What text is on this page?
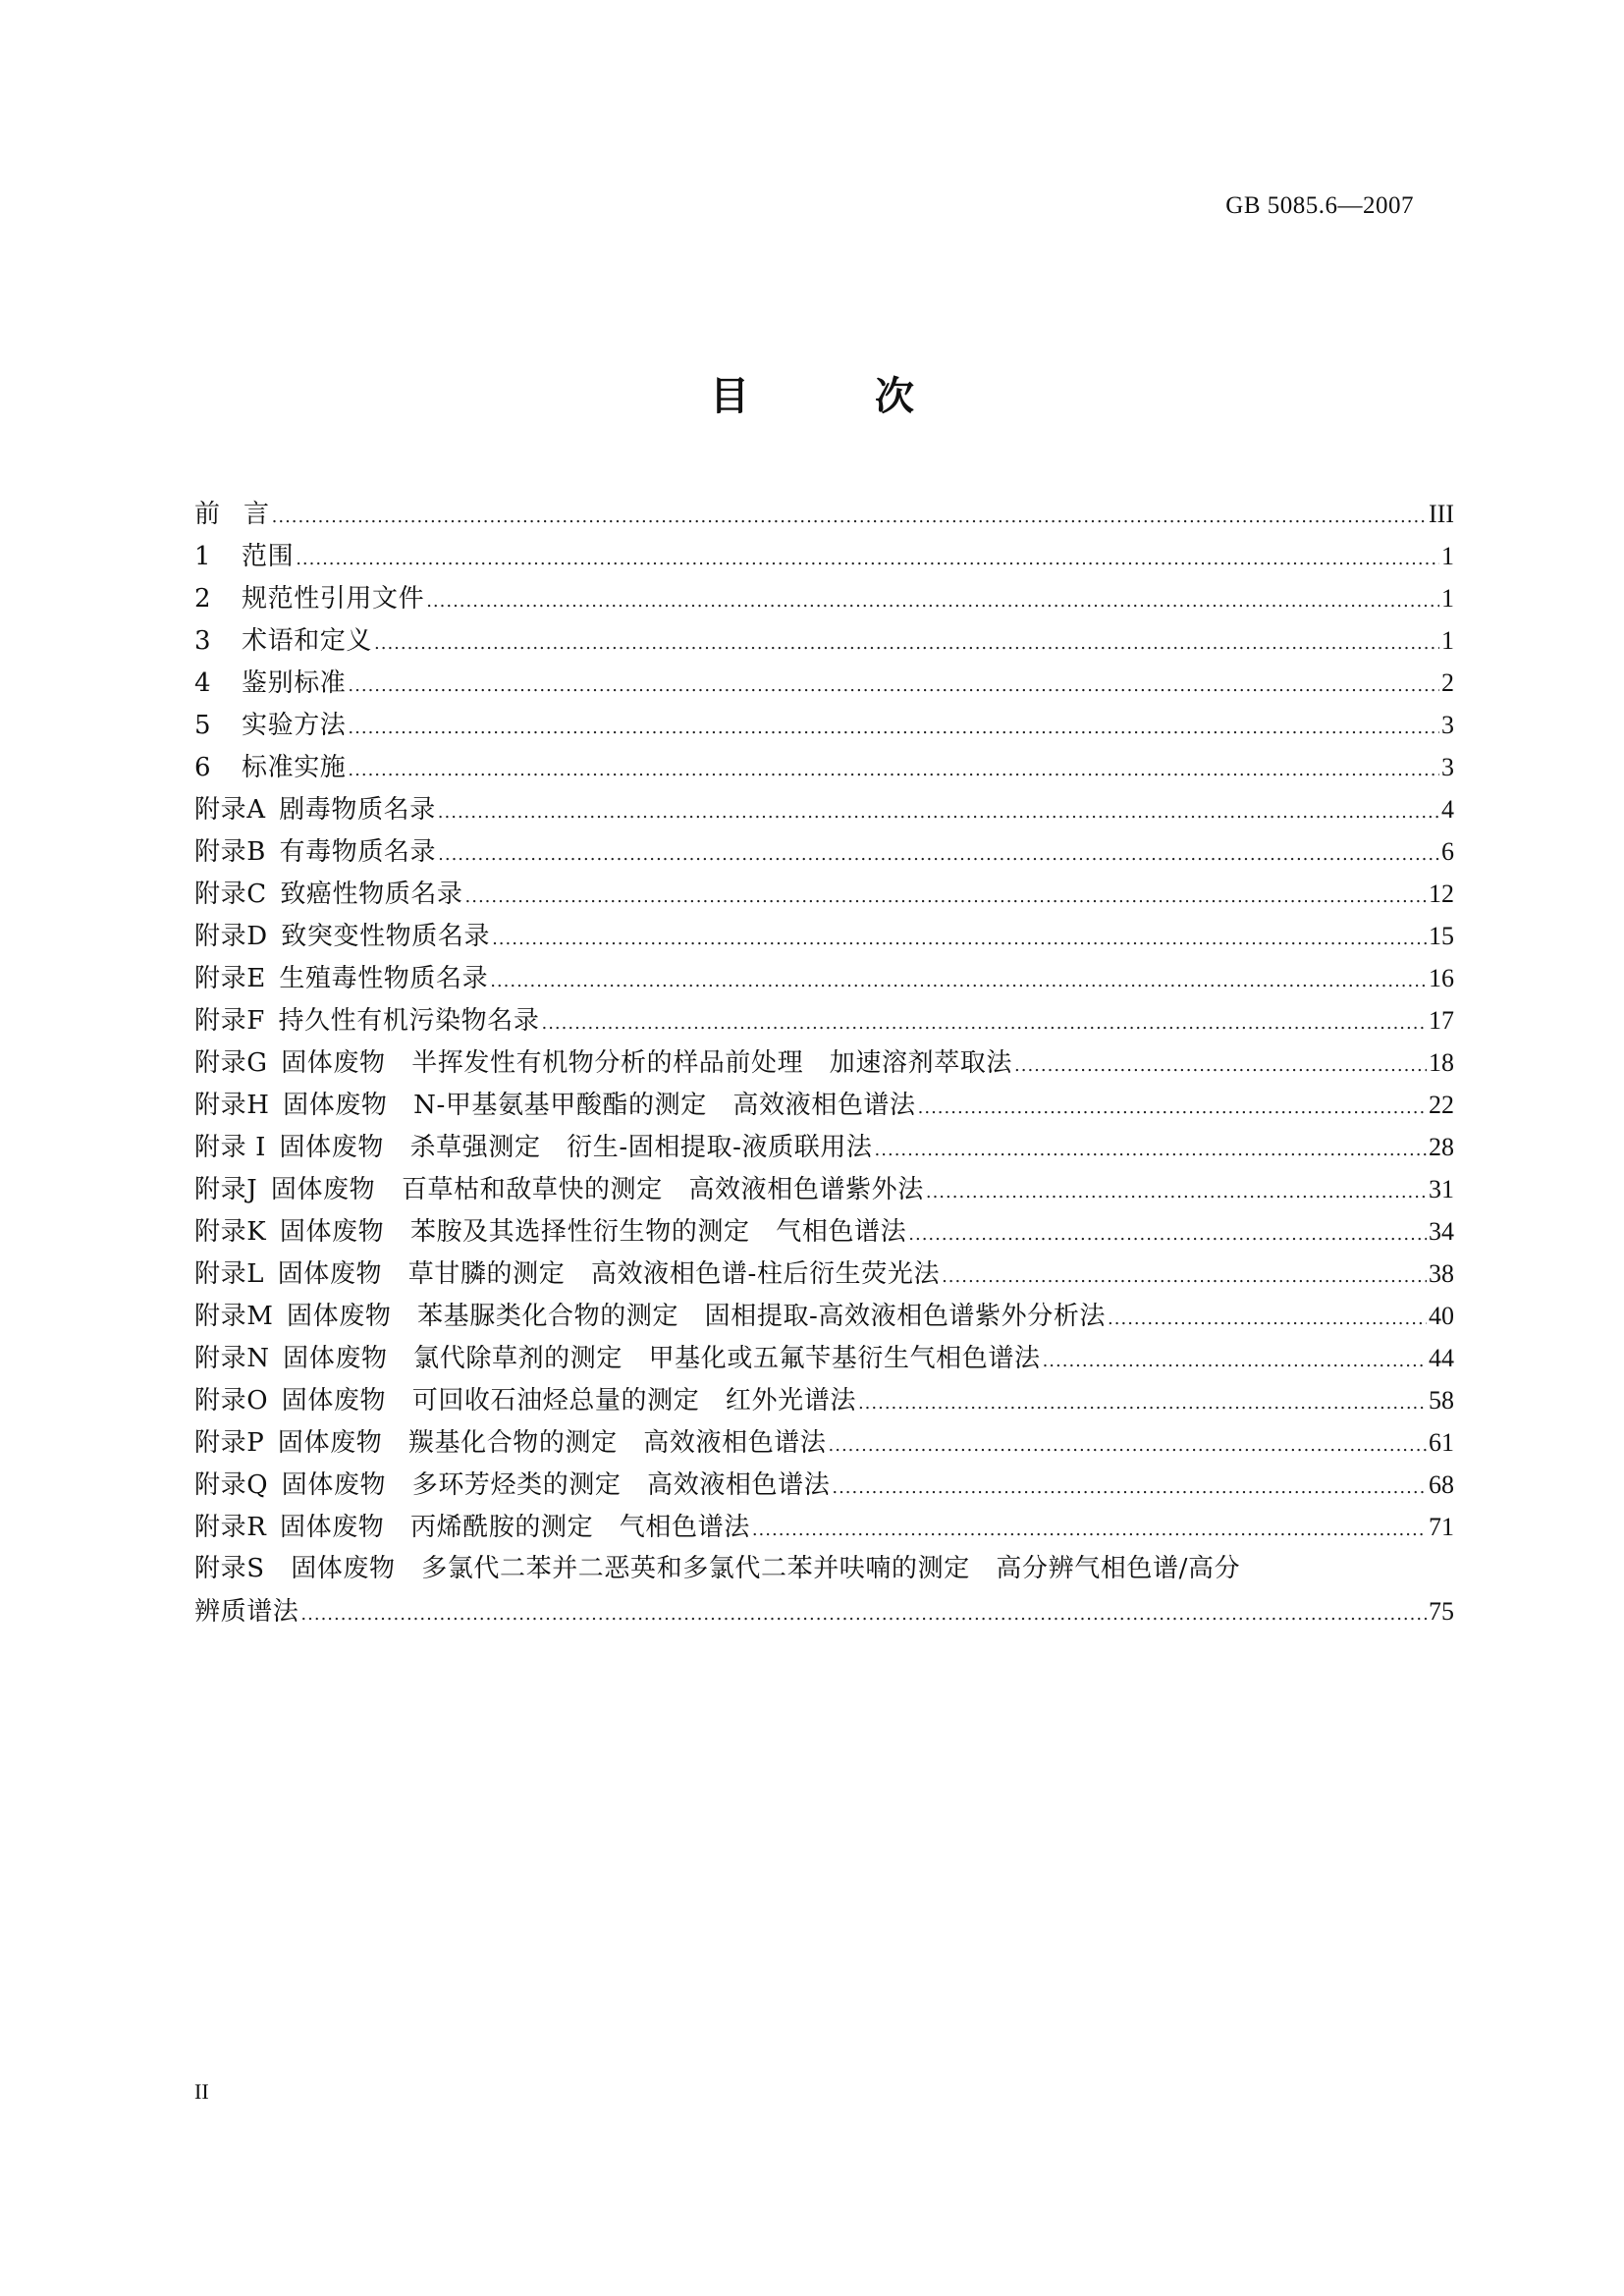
GB 5085.6—2007
目　次
前言 .....	III
1 范围 .....	1
2 规范性引用文件 .....	1
3 术语和定义 .....	1
4 鉴别标准 .....	2
5 实验方法 .....	3
6 标准实施 .....	3
附录A  剧毒物质名录 .....	4
附录B  有毒物质名录 .....	6
附录C  致癌性物质名录 .....	12
附录D  致突变性物质名录 .....	15
附录E  生殖毒性物质名录 .....	16
附录F  持久性有机污染物名录 .....	17
附录G  固体废物　半挥发性有机物分析的样品前处理　加速溶剂萃取法 .....	18
附录H  固体废物　N-甲基氨基甲酸酯的测定　高效液相色谱法 .....	22
附录 I  固体废物　杀草强测定　衍生-固相提取-液质联用法 .....	28
附录J  固体废物　百草枯和敌草快的测定　高效液相色谱紫外法 .....	31
附录K  固体废物　苯胺及其选择性衍生物的测定　气相色谱法 .....	34
附录L  固体废物　草甘膦的测定　高效液相色谱-柱后衍生荧光法 .....	38
附录M  固体废物　苯基脲类化合物的测定　固相提取-高效液相色谱紫外分析法 .....	40
附录N  固体废物　氯代除草剂的测定　甲基化或五氟苄基衍生气相色谱法 .....	44
附录O  固体废物　可回收石油烃总量的测定　红外光谱法 .....	58
附录P  固体废物　羰基化合物的测定　高效液相色谱法 .....	61
附录Q  固体废物　多环芳烃类的测定　高效液相色谱法 .....	68
附录R  固体废物　丙烯酰胺的测定　气相色谱法 .....	71
附录S　固体废物　多氯代二苯并二恶英和多氯代二苯并呋喃的测定　高分辨气相色谱/高分
辨质谱法 .....	75
II
